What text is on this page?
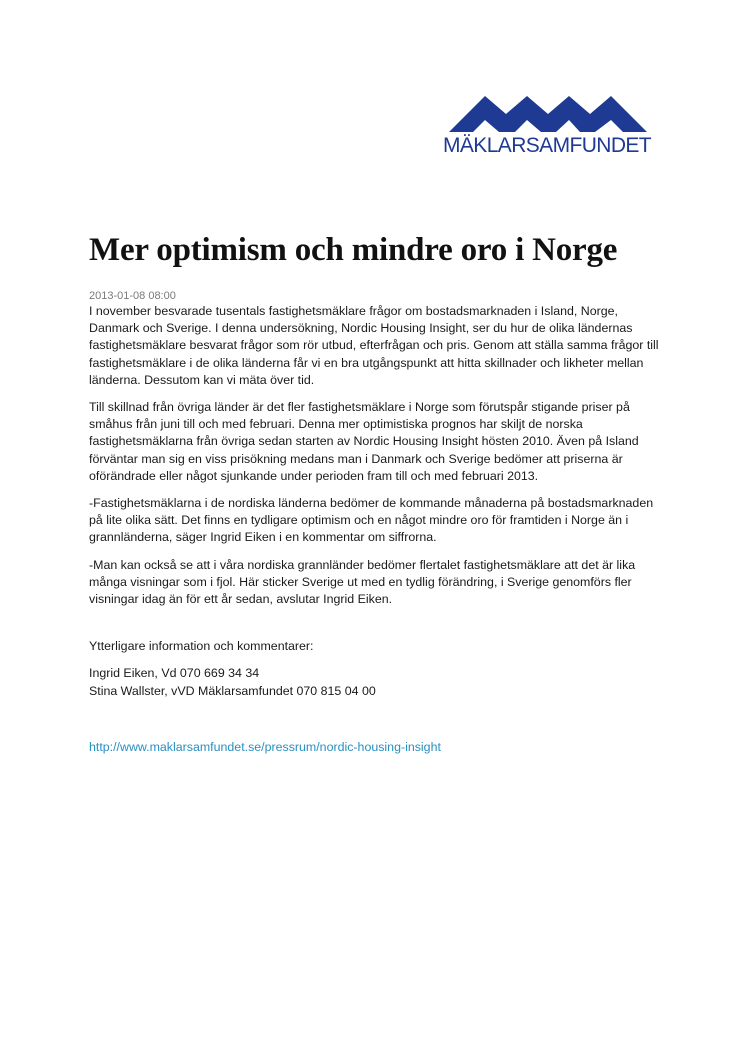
MÄKLARSAMFUNDET
Mer optimism och mindre oro i Norge
2013-01-08 08:00

I november besvarade tusentals fastighetsmäklare frågor om bostadsmarknaden i Island, Norge, Danmark och Sverige. I denna undersökning, Nordic Housing Insight, ser du hur de olika ländernas fastighetsmäklare besvarat frågor som rör utbud, efterfrågan och pris. Genom att ställa samma frågor till fastighetsmäklare i de olika länderna får vi en bra utgångspunkt att hitta skillnader och likheter mellan länderna. Dessutom kan vi mäta över tid.

Till skillnad från övriga länder är det fler fastighetsmäklare i Norge som förutspår stigande priser på småhus från juni till och med februari. Denna mer optimistiska prognos har skiljt de norska fastighetsmäklarna från övriga sedan starten av Nordic Housing Insight hösten 2010. Även på Island förväntar man sig en viss prisökning medans man i Danmark och Sverige bedömer att priserna är oförändrade eller något sjunkande under perioden fram till och med februari 2013.

-Fastighetsmäklarna i de nordiska länderna bedömer de kommande månaderna på bostadsmarknaden på lite olika sätt. Det finns en tydligare optimism och en något mindre oro för framtiden i Norge än i grannländerna, säger Ingrid Eiken i en kommentar om siffrorna.

-Man kan också se att i våra nordiska grannländer bedömer flertalet fastighetsmäklare att det är lika många visningar som i fjol. Här sticker Sverige ut med en tydlig förändring, i Sverige genomförs fler visningar idag än för ett år sedan, avslutar Ingrid Eiken.

Ytterligare information och kommentarer:

Ingrid Eiken, Vd 070 669 34 34
Stina Wallster, vVD Mäklarsamfundet 070 815 04 00

http://www.maklarsamfundet.se/pressrum/nordic-housing-insight
